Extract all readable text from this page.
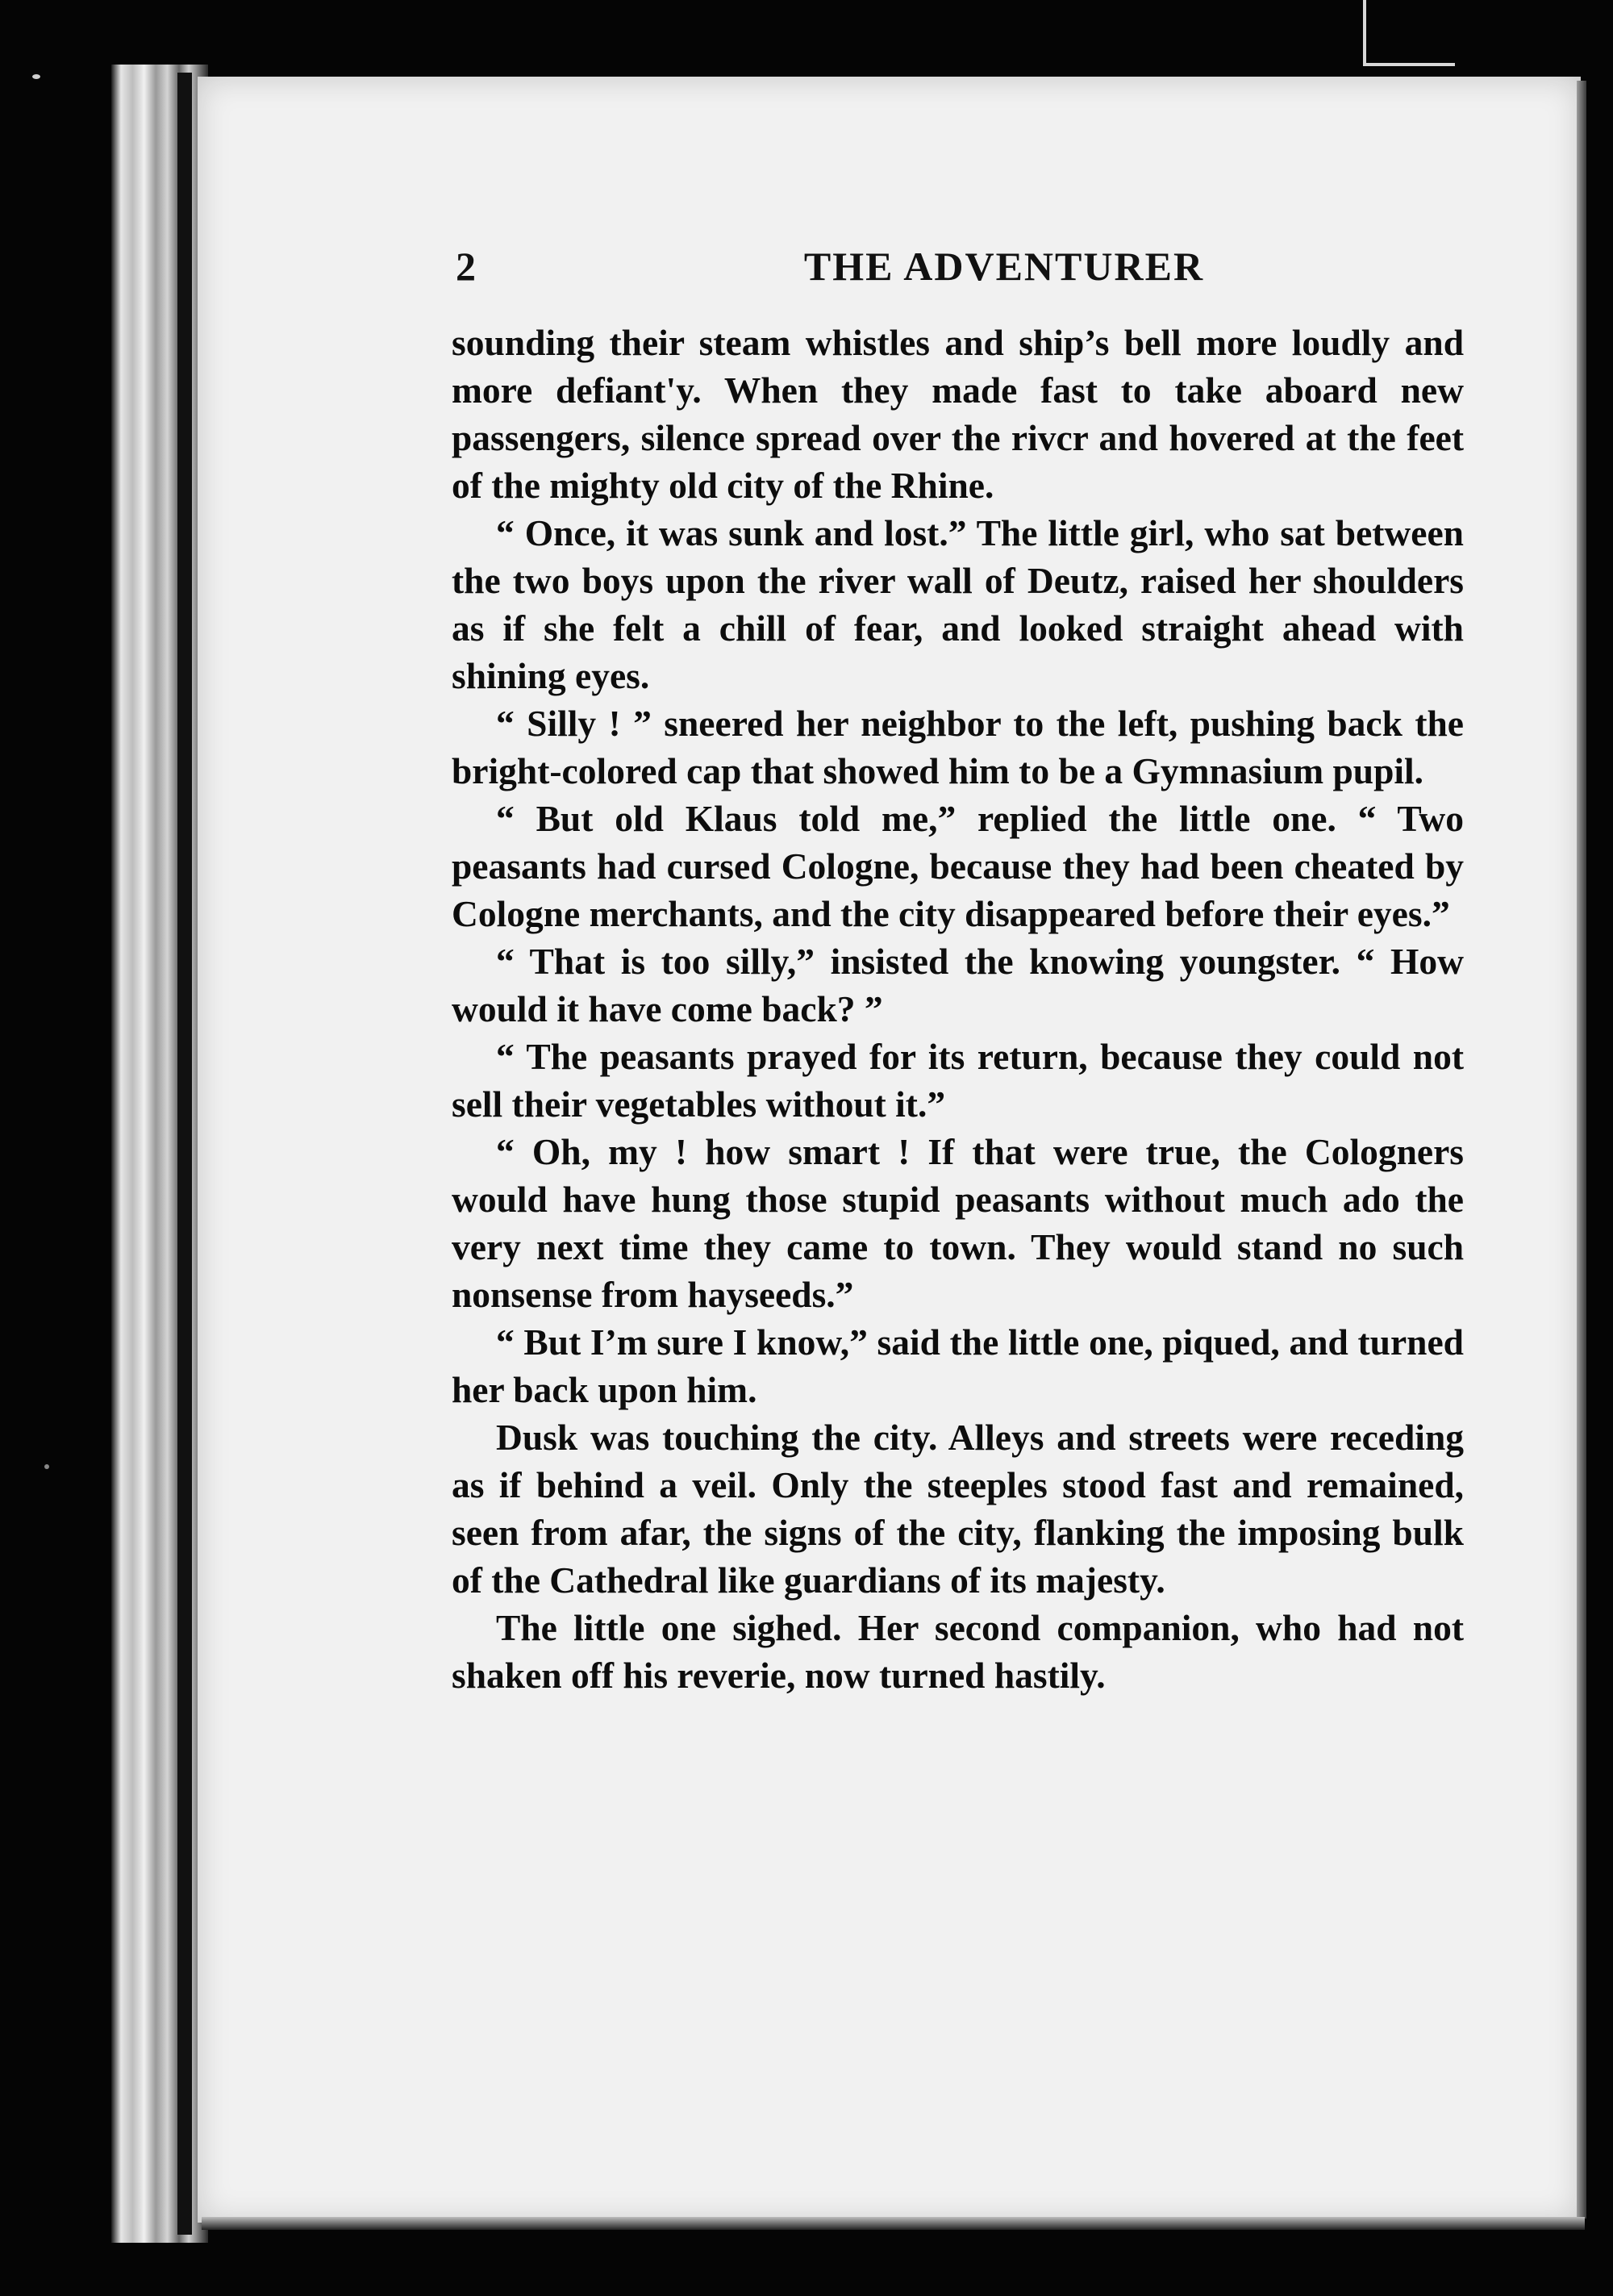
2	THE ADVENTURER

sounding their steam whistles and ship’s bell more loudly and more defiant'y. When they made fast to take aboard new passengers, silence spread over the rivcr and hovered at the feet of the mighty old city of the Rhine.

“ Once, it was sunk and lost.” The little girl, who sat between the two boys upon the river wall of Deutz, raised her shoulders as if she felt a chill of fear, and looked straight ahead with shining eyes.

“ Silly ! ” sneered her neighbor to the left, pushing back the bright-colored cap that showed him to be a Gymnasium pupil.

“ But old Klaus told me,” replied the little one. “ Two peasants had cursed Cologne, because they had been cheated by Cologne merchants, and the city disappeared before their eyes.”

“ That is too silly,” insisted the knowing youngster. “ How would it have come back? ”

“ The peasants prayed for its return, because they could not sell their vegetables without it.”

“ Oh, my ! how smart ! If that were true, the Cologners would have hung those stupid peasants without much ado the very next time they came to town. They would stand no such nonsense from hayseeds.”

“ But I’m sure I know,” said the little one, piqued, and turned her back upon him.

Dusk was touching the city. Alleys and streets were receding as if behind a veil. Only the steeples stood fast and remained, seen from afar, the signs of the city, flanking the imposing bulk of the Cathedral like guardians of its majesty.

The little one sighed. Her second companion, who had not shaken off his reverie, now turned hastily.
